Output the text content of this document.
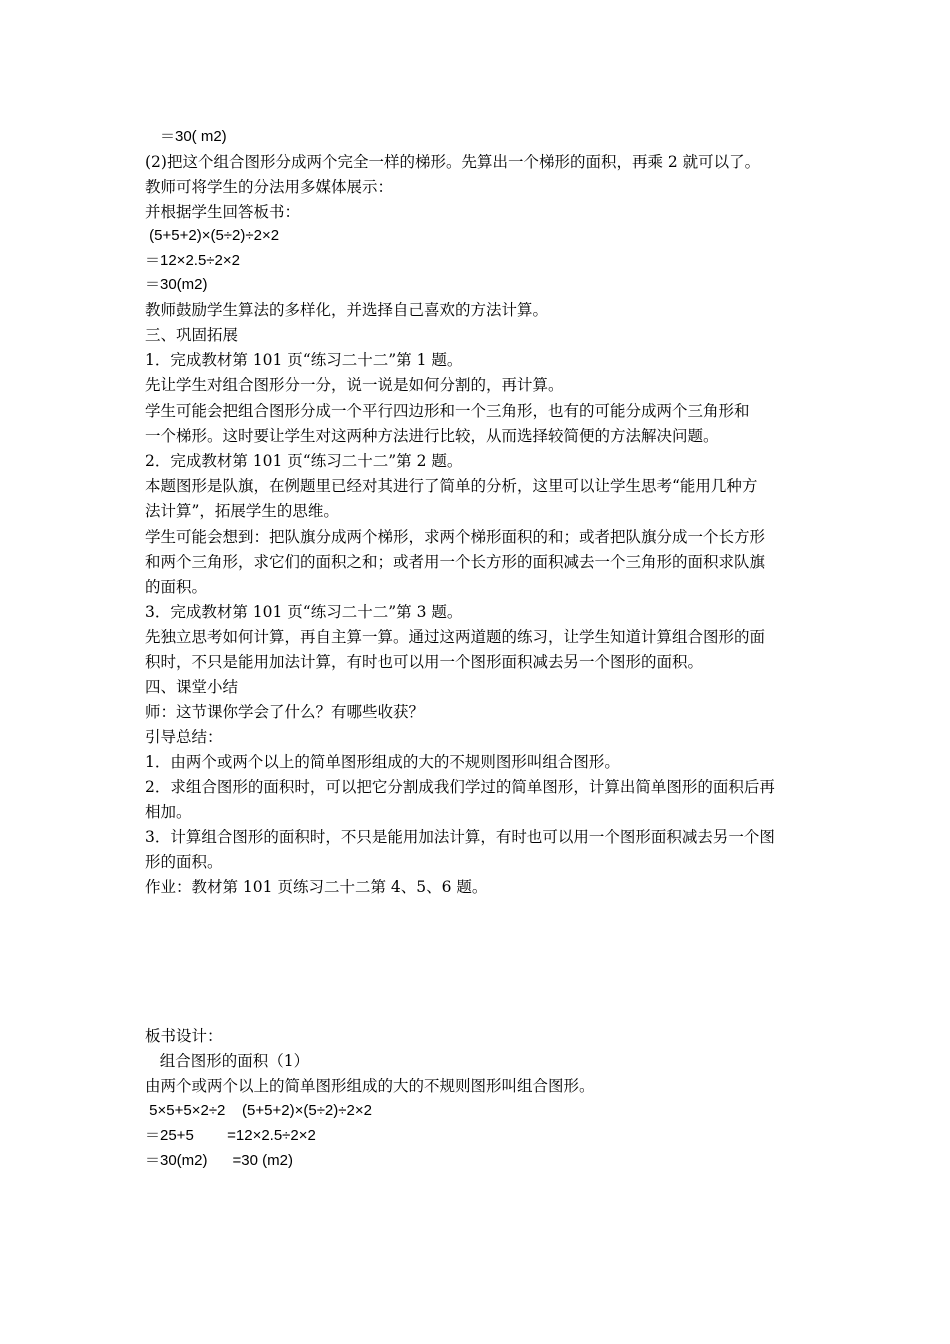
　＝30( m2)
(2)把这个组合图形分成两个完全一样的梯形。先算出一个梯形的面积，再乘 2 就可以了。
教师可将学生的分法用多媒体展示：
并根据学生回答板书：
(5+5+2)×(5÷2)÷2×2
＝12×2.5÷2×2
＝30(m2)
教师鼓励学生算法的多样化，并选择自己喜欢的方法计算。
三、巩固拓展
1．完成教材第 101 页“练习二十二”第 1 题。
先让学生对组合图形分一分，说一说是如何分割的，再计算。
学生可能会把组合图形分成一个平行四边形和一个三角形，也有的可能分成两个三角形和
一个梯形。这时要让学生对这两种方法进行比较，从而选择较简便的方法解决问题。
2．完成教材第 101 页“练习二十二”第 2 题。
本题图形是队旗，在例题里已经对其进行了简单的分析，这里可以让学生思考“能用几种方
法计算”，拓展学生的思维。
学生可能会想到：把队旗分成两个梯形，求两个梯形面积的和；或者把队旗分成一个长方形
和两个三角形，求它们的面积之和；或者用一个长方形的面积减去一个三角形的面积求队旗
的面积。
3．完成教材第 101 页“练习二十二”第 3 题。
先独立思考如何计算，再自主算一算。通过这两道题的练习，让学生知道计算组合图形的面
积时，不只是能用加法计算，有时也可以用一个图形面积减去另一个图形的面积。
四、课堂小结
师：这节课你学会了什么？有哪些收获？
引导总结：
1．由两个或两个以上的简单图形组成的大的不规则图形叫组合图形。
2．求组合图形的面积时，可以把它分割成我们学过的简单图形，计算出简单图形的面积后再
相加。
3．计算组合图形的面积时，不只是能用加法计算，有时也可以用一个图形面积减去另一个图
形的面积。
作业：教材第 101 页练习二十二第 4、5、6 题。
板书设计：
组合图形的面积（1）
由两个或两个以上的简单图形组成的大的不规则图形叫组合图形。
5×5+5×2÷2    (5+5+2)×(5÷2)÷2×2
＝25+5        =12×2.5÷2×2
＝30(m2)      =30 (m2)
